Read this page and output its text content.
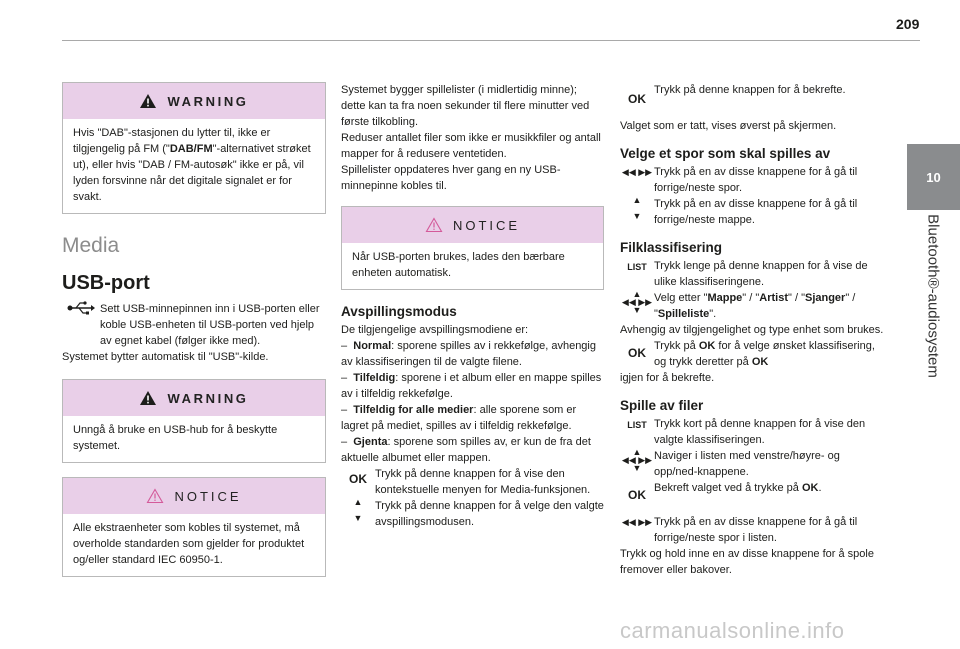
209
10
Bluetooth®-audiosystem
WARNING
Hvis "DAB"-stasjonen du lytter til, ikke er tilgjengelig på FM ("DAB/FM"-alternativet strøket ut), eller hvis "DAB / FM-autosøk" ikke er på, vil lyden forsvinne når det digitale signalet er for svakt.
Media
USB-port
Sett USB-minnepinnen inn i USB-porten eller koble USB-enheten til USB-porten ved hjelp av egnet kabel (følger ikke med).
Systemet bytter automatisk til "USB"-kilde.
WARNING
Unngå å bruke en USB-hub for å beskytte systemet.
NOTICE
Alle ekstraenheter som kobles til systemet, må overholde standarden som gjelder for produktet og/eller standard IEC 60950-1.
Systemet bygger spillelister (i midlertidig minne); dette kan ta fra noen sekunder til flere minutter ved første tilkobling.
Reduser antallet filer som ikke er musikkfiler og antall mapper for å redusere ventetiden.
Spillelister oppdateres hver gang en ny USB-minnepinne kobles til.
NOTICE
Når USB-porten brukes, lades den bærbare enheten automatisk.
Avspillingsmodus
De tilgjengelige avspillingsmodiene er:
– Normal: sporene spilles av i rekkefølge, avhengig av klassifiseringen til de valgte filene.
– Tilfeldig: sporene i et album eller en mappe spilles av i tilfeldig rekkefølge.
– Tilfeldig for alle medier: alle sporene som er lagret på mediet, spilles av i tilfeldig rekkefølge.
– Gjenta: sporene som spilles av, er kun de fra det aktuelle albumet eller mappen.
OK Trykk på denne knappen for å vise den kontekstuelle menyen for Media-funksjonen.
▲

▼
Trykk på denne knappen for å velge den valgte avspillingsmodusen.
OK
Trykk på denne knappen for å bekrefte.
Valget som er tatt, vises øverst på skjermen.
Velge et spor som skal spilles av
◀◀ ▶▶ Trykk på en av disse knappene for å gå til forrige/neste spor.
▲

▼
Trykk på en av disse knappene for å gå til forrige/neste mappe.
Filklassifisering
LIST Trykk lenge på denne knappen for å vise de ulike klassifiseringene.
▲
◀◀ ▶▶
▼
Velg etter "Mappe" / "Artist" / "Sjanger" / "Spilleliste".
Avhengig av tilgjengelighet og type enhet som brukes.
OK Trykk på OK for å velge ønsket klassifisering, og trykk deretter på OK
igjen for å bekrefte.
Spille av filer
LIST Trykk kort på denne knappen for å vise den valgte klassifiseringen.
▲
◀◀ ▶▶
▼
Naviger i listen med venstre/høyre- og opp/ned-knappene.
OK Bekreft valget ved å trykke på OK.
◀◀ ▶▶ Trykk på en av disse knappene for å gå til forrige/neste spor i listen.
Trykk og hold inne en av disse knappene for å spole fremover eller bakover.
carmanualsonline.info
